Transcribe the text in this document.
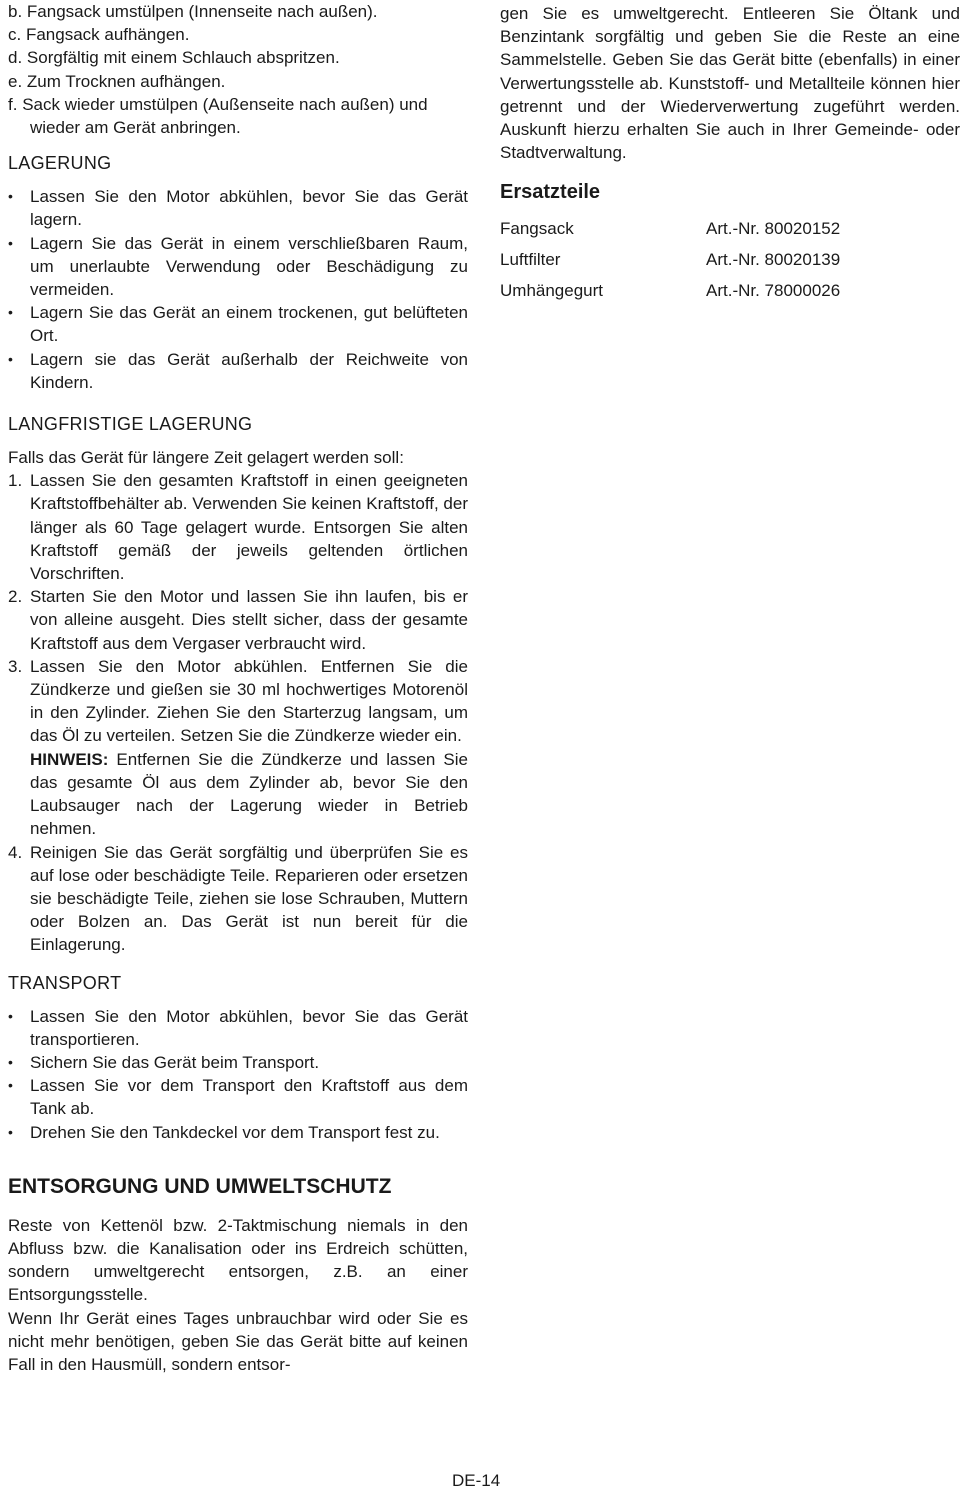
b. Fangsack umstülpen (Innenseite nach außen).
c. Fangsack aufhängen.
d. Sorgfältig mit einem Schlauch abspritzen.
e. Zum Trocknen aufhängen.
f. Sack wieder umstülpen (Außenseite nach außen) und wieder am Gerät anbringen.
LAGERUNG
• Lassen Sie den Motor abkühlen, bevor Sie das Gerät lagern.
• Lagern Sie das Gerät in einem verschließbaren Raum, um unerlaubte Verwendung oder Beschädigung zu vermeiden.
• Lagern Sie das Gerät an einem trockenen, gut belüfteten Ort.
• Lagern sie das Gerät außerhalb der Reichweite von Kindern.
LANGFRISTIGE LAGERUNG

Falls das Gerät für längere Zeit gelagert werden soll:

1. Lassen Sie den gesamten Kraftstoff in einen geeigneten Kraftstoffbehälter ab. Verwenden Sie keinen Kraftstoff, der länger als 60 Tage gelagert wurde. Entsorgen Sie alten Kraftstoff gemäß der jeweils geltenden örtlichen Vorschriften.
2. Starten Sie den Motor und lassen Sie ihn laufen, bis er von alleine ausgeht. Dies stellt sicher, dass der gesamte Kraftstoff aus dem Vergaser verbraucht wird.
3. Lassen Sie den Motor abkühlen. Entfernen Sie die Zündkerze und gießen sie 30 ml hochwertiges Motorenöl in den Zylinder. Ziehen Sie den Starterzug langsam, um das Öl zu verteilen. Setzen Sie die Zündkerze wieder ein.
HINWEIS: Entfernen Sie die Zündkerze und lassen Sie das gesamte Öl aus dem Zylinder ab, bevor Sie den Laubsauger nach der Lagerung wieder in Betrieb nehmen.
4. Reinigen Sie das Gerät sorgfältig und überprüfen Sie es auf lose oder beschädigte Teile. Reparieren oder ersetzen sie beschädigte Teile, ziehen sie lose Schrauben, Muttern oder Bolzen an. Das Gerät ist nun bereit für die Einlagerung.
TRANSPORT
• Lassen Sie den Motor abkühlen, bevor Sie das Gerät transportieren.
• Sichern Sie das Gerät beim Transport.
• Lassen Sie vor dem Transport den Kraftstoff aus dem Tank ab.
• Drehen Sie den Tankdeckel vor dem Transport fest zu.
ENTSORGUNG UND UMWELTSCHUTZ

Reste von Kettenöl bzw. 2-Taktmischung niemals in den Abfluss bzw. die Kanalisation oder ins Erdreich schütten, sondern umweltgerecht entsorgen, z.B. an einer Entsorgungsstelle.

Wenn Ihr Gerät eines Tages unbrauchbar wird oder Sie es nicht mehr benötigen, geben Sie das Gerät bitte auf keinen Fall in den Hausmüll, sondern entsor-

gen Sie es umweltgerecht. Entleeren Sie Öltank und Benzintank sorgfältig und geben Sie die Reste an eine Sammelstelle. Geben Sie das Gerät bitte (ebenfalls) in einer Verwertungsstelle ab. Kunststoff- und Metallteile können hier getrennt und der Wiederverwertung zugeführt werden. Auskunft hierzu erhalten Sie auch in Ihrer Gemeinde- oder Stadtverwaltung.

Ersatzteile
Fangsack	Art.-Nr. 80020152
Luftfilter	Art.-Nr. 80020139
Umhängegurt	Art.-Nr. 78000026
DE-14
